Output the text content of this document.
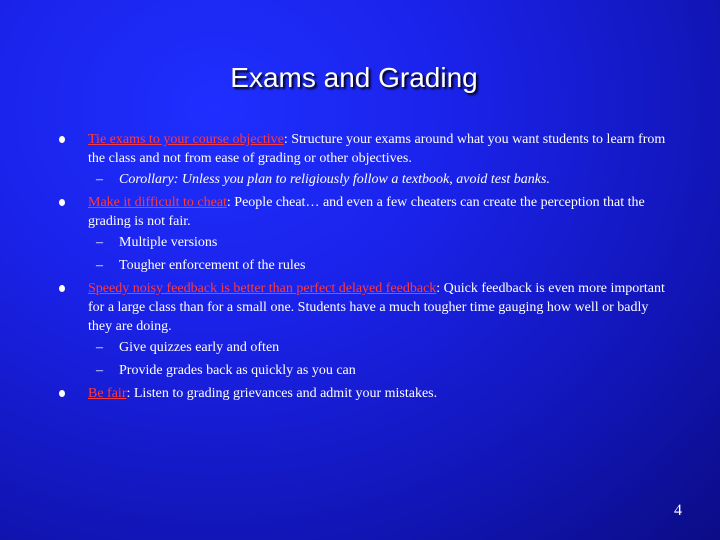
Exams and Grading
Tie exams to your course objective: Structure your exams around what you want students to learn from the class and not from ease of grading or other objectives.
– Corollary: Unless you plan to religiously follow a textbook, avoid test banks.
Make it difficult to cheat: People cheat… and even a few cheaters can create the perception that the grading is not fair.
– Multiple versions
– Tougher enforcement of the rules
Speedy noisy feedback is better than perfect delayed feedback: Quick feedback is even more important for a large class than for a small one. Students have a much tougher time gauging how well or badly they are doing.
– Give quizzes early and often
– Provide grades back as quickly as you can
Be fair: Listen to grading grievances and admit your mistakes.
4
